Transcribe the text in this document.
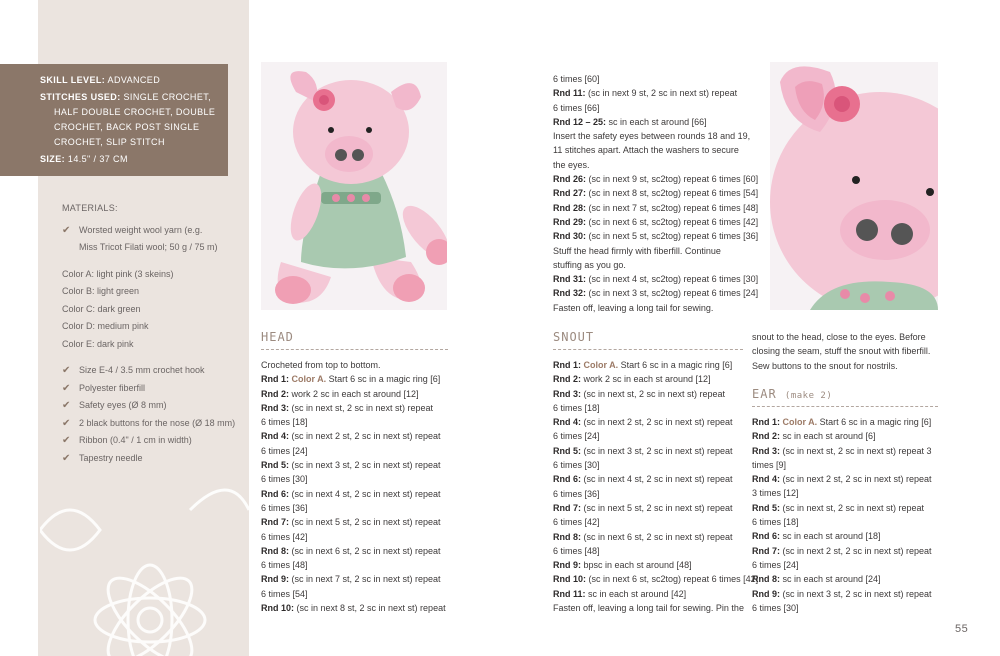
SKILL LEVEL: ADVANCED
STITCHES USED: SINGLE CROCHET,
HALF DOUBLE CROCHET, DOUBLE
CROCHET, BACK POST SINGLE
CROCHET, SLIP STITCH
SIZE: 14.5" / 37 CM
MATERIALS:
✔ Worsted weight wool yarn (e.g.
Miss Tricot Filati wool; 50 g / 75 m)
Color A: light pink (3 skeins)
Color B: light green
Color C: dark green
Color D: medium pink
Color E: dark pink
✔ Size E-4 / 3.5 mm crochet hook
✔ Polyester fiberfill
✔ Safety eyes (Ø 8 mm)
✔ 2 black buttons for the nose (Ø 18 mm)
✔ Ribbon (0.4" / 1 cm in width)
✔ Tapestry needle
HEAD
Crocheted from top to bottom.
Rnd 1: Color A. Start 6 sc in a magic ring [6]
Rnd 2: work 2 sc in each st around [12]
Rnd 3: (sc in next st, 2 sc in next st) repeat
6 times [18]
Rnd 4: (sc in next 2 st, 2 sc in next st) repeat
6 times [24]
Rnd 5: (sc in next 3 st, 2 sc in next st) repeat
6 times [30]
Rnd 6: (sc in next 4 st, 2 sc in next st) repeat
6 times [36]
Rnd 7: (sc in next 5 st, 2 sc in next st) repeat
6 times [42]
Rnd 8: (sc in next 6 st, 2 sc in next st) repeat
6 times [48]
Rnd 9: (sc in next 7 st, 2 sc in next st) repeat
6 times [54]
Rnd 10: (sc in next 8 st, 2 sc in next st) repeat
6 times [60]
Rnd 11: (sc in next 9 st, 2 sc in next st) repeat
6 times [66]
Rnd 12 – 25: sc in each st around [66]
Insert the safety eyes between rounds 18 and 19,
11 stitches apart. Attach the washers to secure
the eyes.
Rnd 26: (sc in next 9 st, sc2tog) repeat 6 times [60]
Rnd 27: (sc in next 8 st, sc2tog) repeat 6 times [54]
Rnd 28: (sc in next 7 st, sc2tog) repeat 6 times [48]
Rnd 29: (sc in next 6 st, sc2tog) repeat 6 times [42]
Rnd 30: (sc in next 5 st, sc2tog) repeat 6 times [36]
Stuff the head firmly with fiberfill. Continue
stuffing as you go.
Rnd 31: (sc in next 4 st, sc2tog) repeat 6 times [30]
Rnd 32: (sc in next 3 st, sc2tog) repeat 6 times [24]
Fasten off, leaving a long tail for sewing.
SNOUT
Rnd 1: Color A. Start 6 sc in a magic ring [6]
Rnd 2: work 2 sc in each st around [12]
Rnd 3: (sc in next st, 2 sc in next st) repeat
6 times [18]
Rnd 4: (sc in next 2 st, 2 sc in next st) repeat
6 times [24]
Rnd 5: (sc in next 3 st, 2 sc in next st) repeat
6 times [30]
Rnd 6: (sc in next 4 st, 2 sc in next st) repeat
6 times [36]
Rnd 7: (sc in next 5 st, 2 sc in next st) repeat
6 times [42]
Rnd 8: (sc in next 6 st, 2 sc in next st) repeat
6 times [48]
Rnd 9: bpsc in each st around [48]
Rnd 10: (sc in next 6 st, sc2tog) repeat 6 times [42]
Rnd 11: sc in each st around [42]
Fasten off, leaving a long tail for sewing. Pin the
snout to the head, close to the eyes. Before
closing the seam, stuff the snout with fiberfill.
Sew buttons to the snout for nostrils.
EAR (make 2)
Rnd 1: Color A. Start 6 sc in a magic ring [6]
Rnd 2: sc in each st around [6]
Rnd 3: (sc in next st, 2 sc in next st) repeat 3
times [9]
Rnd 4: (sc in next 2 st, 2 sc in next st) repeat
3 times [12]
Rnd 5: (sc in next st, 2 sc in next st) repeat
6 times [18]
Rnd 6: sc in each st around [18]
Rnd 7: (sc in next 2 st, 2 sc in next st) repeat
6 times [24]
Rnd 8: sc in each st around [24]
Rnd 9: (sc in next 3 st, 2 sc in next st) repeat
6 times [30]
55
